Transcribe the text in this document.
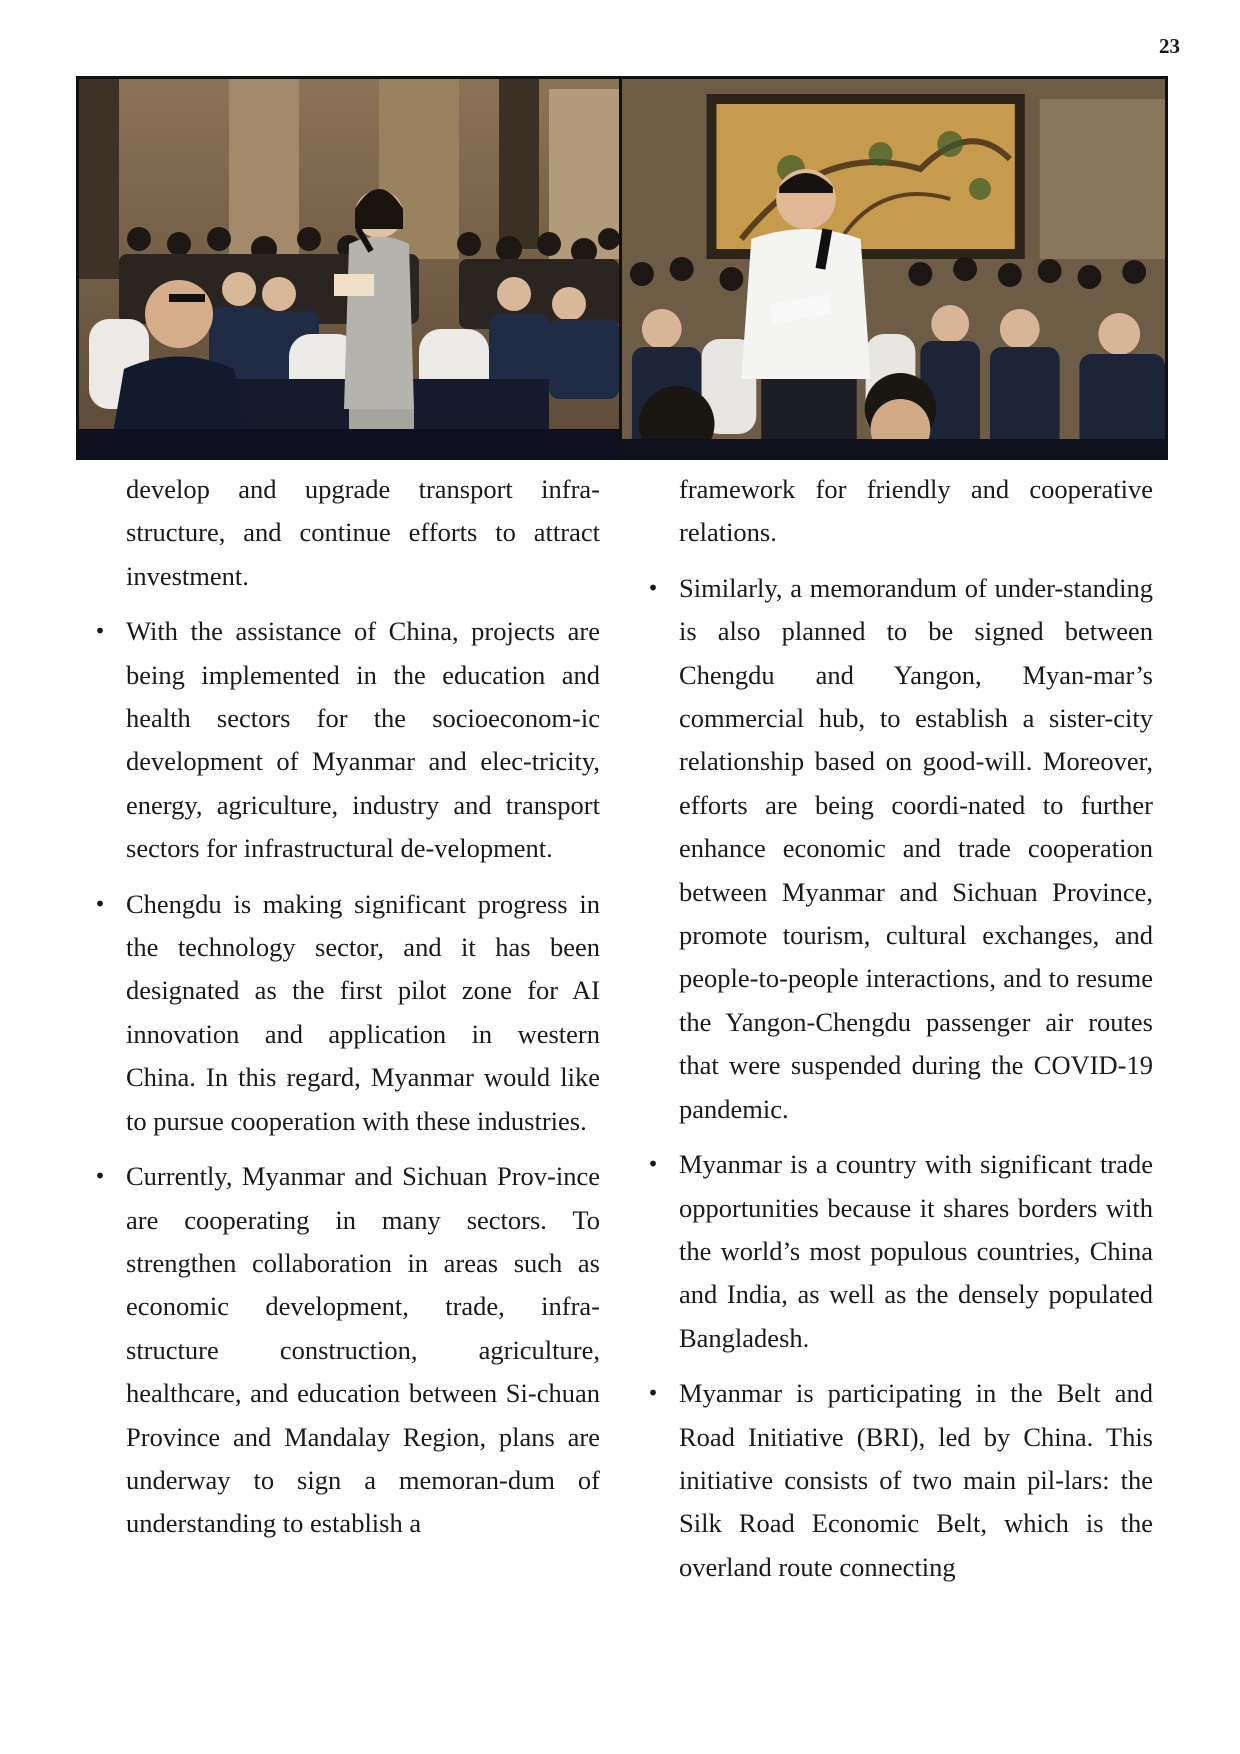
23

develop and upgrade transport infra-structure, and continue efforts to attract investment.

• With the assistance of China, projects are being implemented in the education and health sectors for the socioeconom-ic development of Myanmar and elec-tricity, energy, agriculture, industry and transport sectors for infrastructural de-velopment.

• Chengdu is making significant progress in the technology sector, and it has been designated as the first pilot zone for AI innovation and application in western China. In this regard, Myanmar would like to pursue cooperation with these industries.

• Currently, Myanmar and Sichuan Prov-ince are cooperating in many sectors. To strengthen collaboration in areas such as economic development, trade, infra-structure construction, agriculture, healthcare, and education between Si-chuan Province and Mandalay Region, plans are underway to sign a memoran-dum of understanding to establish a

framework for friendly and cooperative relations.

• Similarly, a memorandum of under-standing is also planned to be signed between Chengdu and Yangon, Myan-mar’s commercial hub, to establish a sister-city relationship based on good-will. Moreover, efforts are being coordi-nated to further enhance economic and trade cooperation between Myanmar and Sichuan Province, promote tourism, cultural exchanges, and people-to-people interactions, and to resume the Yangon-Chengdu passenger air routes that were suspended during the COVID-19 pandemic.

• Myanmar is a country with significant trade opportunities because it shares borders with the world’s most populous countries, China and India, as well as the densely populated Bangladesh.

• Myanmar is participating in the Belt and Road Initiative (BRI), led by China. This initiative consists of two main pil-lars: the Silk Road Economic Belt, which is the overland route connecting
